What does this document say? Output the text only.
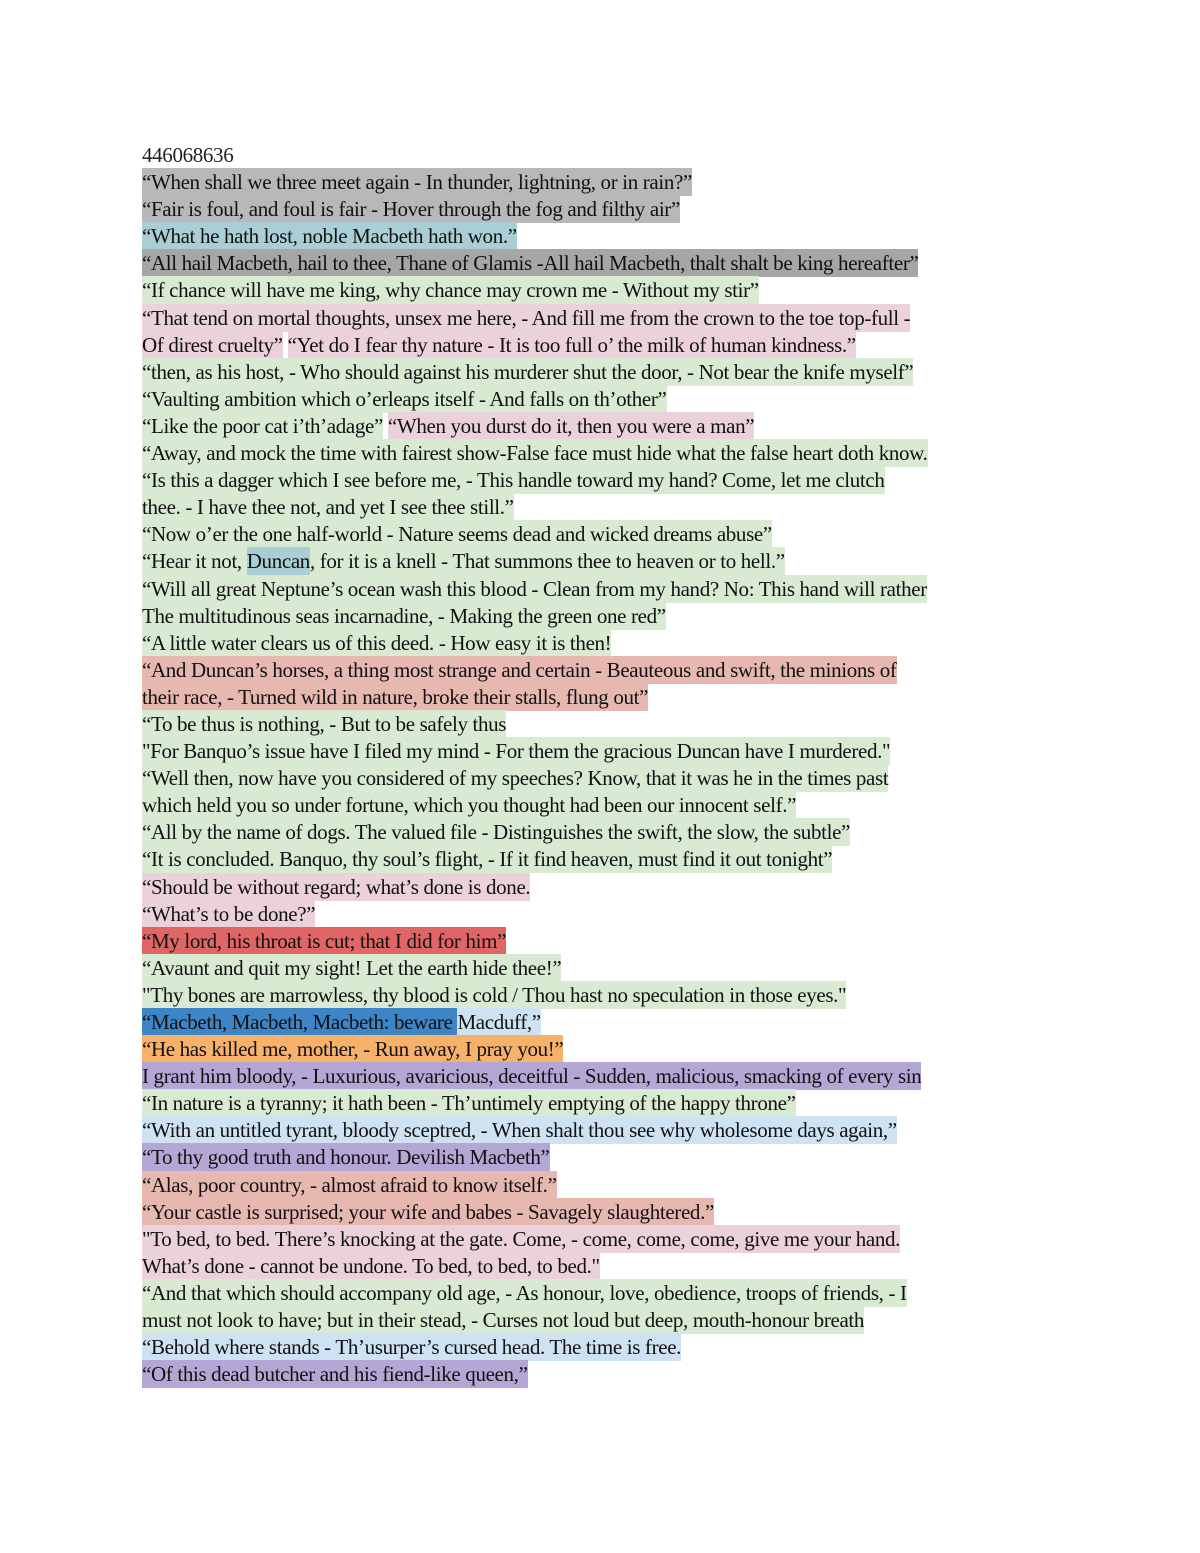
446068636
“When shall we three meet again - In thunder, lightning, or in rain?”
“Fair is foul, and foul is fair - Hover through the fog and filthy air”
“What he hath lost, noble Macbeth hath won.”
“All hail Macbeth, hail to thee, Thane of Glamis -All hail Macbeth, thalt shalt be king hereafter”
“If chance will have me king, why chance may crown me - Without my stir”
“That tend on mortal thoughts, unsex me here, - And fill me from the crown to the toe top-full -
Of direst cruelty” “Yet do I fear thy nature - It is too full o’ the milk of human kindness.”
“then, as his host, - Who should against his murderer shut the door, - Not bear the knife myself”
“Vaulting ambition which o’erleaps itself - And falls on th’other”
“Like the poor cat i’th’adage” “When you durst do it, then you were a man”
“Away, and mock the time with fairest show-False face must hide what the false heart doth know.
“Is this a dagger which I see before me, - This handle toward my hand? Come, let me clutch
thee. - I have thee not, and yet I see thee still.”
“Now o’er the one half-world - Nature seems dead and wicked dreams abuse”
“Hear it not, Duncan, for it is a knell - That summons thee to heaven or to hell.”
“Will all great Neptune’s ocean wash this blood - Clean from my hand? No: This hand will rather
The multitudinous seas incarnadine, - Making the green one red”
“A little water clears us of this deed. - How easy it is then!
“And Duncan’s horses, a thing most strange and certain - Beauteous and swift, the minions of
their race, - Turned wild in nature, broke their stalls, flung out”
“To be thus is nothing, - But to be safely thus
"For Banquo’s issue have I filed my mind - For them the gracious Duncan have I murdered."
“Well then, now have you considered of my speeches? Know, that it was he in the times past
which held you so under fortune, which you thought had been our innocent self.”
“All by the name of dogs. The valued file - Distinguishes the swift, the slow, the subtle”
“It is concluded. Banquo, thy soul’s flight, - If it find heaven, must find it out tonight”
“Should be without regard; what’s done is done.
“What’s to be done?”
“My lord, his throat is cut; that I did for him”
“Avaunt and quit my sight! Let the earth hide thee!”
"Thy bones are marrowless, thy blood is cold / Thou hast no speculation in those eyes."
“Macbeth, Macbeth, Macbeth: beware Macduff,”
“He has killed me, mother, - Run away, I pray you!”
I grant him bloody, - Luxurious, avaricious, deceitful - Sudden, malicious, smacking of every sin
“In nature is a tyranny; it hath been - Th’untimely emptying of the happy throne”
“With an untitled tyrant, bloody sceptred, - When shalt thou see why wholesome days again,”
“To thy good truth and honour. Devilish Macbeth”
“Alas, poor country, - almost afraid to know itself.”
“Your castle is surprised; your wife and babes - Savagely slaughtered.”
"To bed, to bed. There’s knocking at the gate. Come, - come, come, come, give me your hand.
What’s done - cannot be undone. To bed, to bed, to bed."
“And that which should accompany old age, - As honour, love, obedience, troops of friends, - I
must not look to have; but in their stead, - Curses not loud but deep, mouth-honour breath
“Behold where stands - Th’usurper’s cursed head. The time is free.
“Of this dead butcher and his fiend-like queen,”
